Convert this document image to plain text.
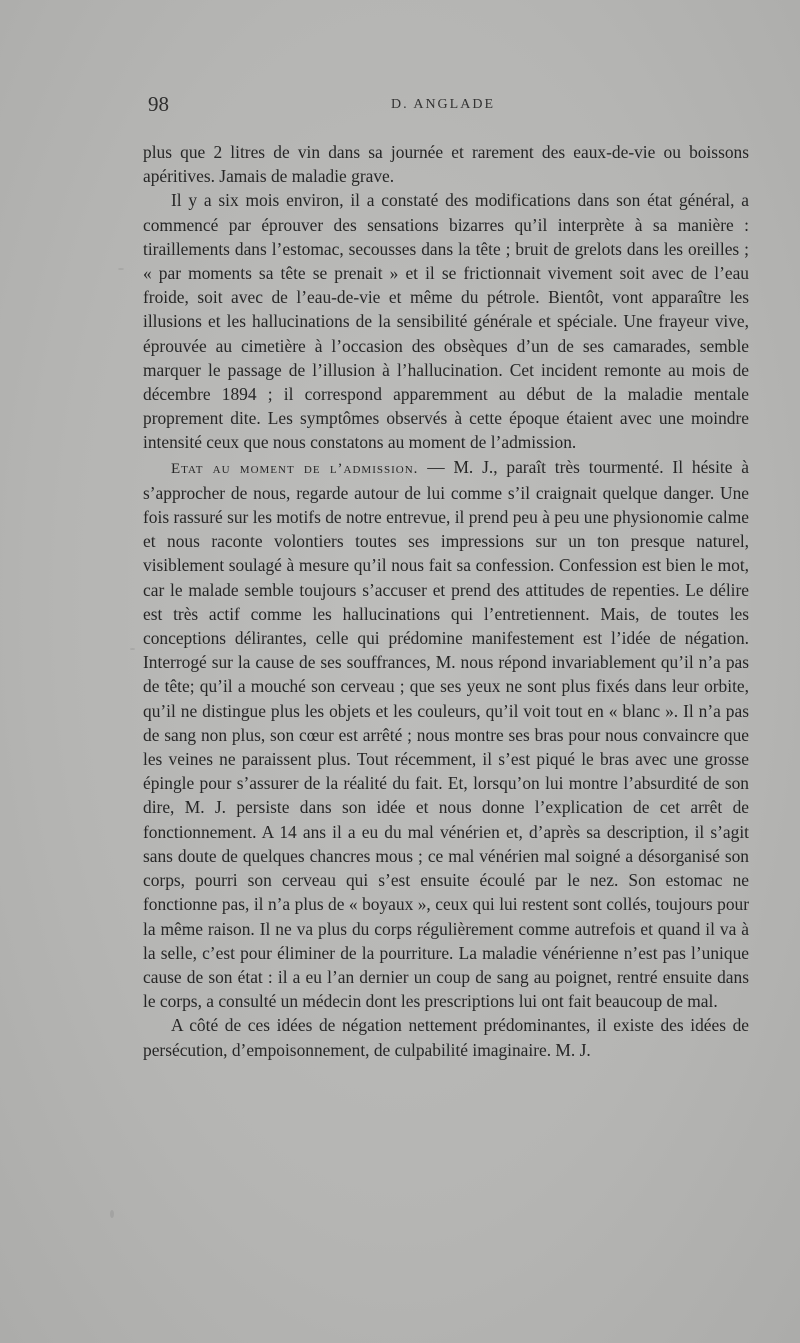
98	D. ANGLADE

plus que 2 litres de vin dans sa journée et rarement des eaux-de-vie ou boissons apéritives. Jamais de maladie grave.

Il y a six mois environ, il a constaté des modifications dans son état général, a commencé par éprouver des sensations bizarres qu’il interprète à sa manière : tiraillements dans l’estomac, secousses dans la tête ; bruit de grelots dans les oreilles ; « par moments sa tête se prenait » et il se frictionnait vivement soit avec de l’eau froide, soit avec de l’eau-de-vie et même du pétrole. Bientôt, vont apparaître les illusions et les hallucinations de la sensibilité générale et spéciale. Une frayeur vive, éprouvée au cimetière à l’occasion des obsèques d’un de ses camarades, semble marquer le passage de l’illusion à l’hallucination. Cet incident remonte au mois de décembre 1894 ; il correspond apparemment au début de la maladie mentale proprement dite. Les symptômes observés à cette époque étaient avec une moindre intensité ceux que nous constatons au moment de l’admission.

Etat au moment de l’admission. — M. J., paraît très tourmenté. Il hésite à s’approcher de nous, regarde autour de lui comme s’il craignait quelque danger. Une fois rassuré sur les motifs de notre entrevue, il prend peu à peu une physionomie calme et nous raconte volontiers toutes ses impressions sur un ton presque naturel, visiblement soulagé à mesure qu’il nous fait sa confession. Confession est bien le mot, car le malade semble toujours s’accuser et prend des attitudes de repenties. Le délire est très actif comme les hallucinations qui l’entretiennent. Mais, de toutes les conceptions délirantes, celle qui prédomine manifestement est l’idée de négation. Interrogé sur la cause de ses souffrances, M. nous répond invariablement qu’il n’a pas de tête; qu’il a mouché son cerveau ; que ses yeux ne sont plus fixés dans leur orbite, qu’il ne distingue plus les objets et les couleurs, qu’il voit tout en « blanc ». Il n’a pas de sang non plus, son cœur est arrêté ; nous montre ses bras pour nous convaincre que les veines ne paraissent plus. Tout récemment, il s’est piqué le bras avec une grosse épingle pour s’assurer de la réalité du fait. Et, lorsqu’on lui montre l’absurdité de son dire, M. J. persiste dans son idée et nous donne l’explication de cet arrêt de fonctionnement. A 14 ans il a eu du mal vénérien et, d’après sa description, il s’agit sans doute de quelques chancres mous ; ce mal vénérien mal soigné a désorganisé son corps, pourri son cerveau qui s’est ensuite écoulé par le nez. Son estomac ne fonctionne pas, il n’a plus de « boyaux », ceux qui lui restent sont collés, toujours pour la même raison. Il ne va plus du corps régulièrement comme autrefois et quand il va à la selle, c’est pour éliminer de la pourriture. La maladie vénérienne n’est pas l’unique cause de son état : il a eu l’an dernier un coup de sang au poignet, rentré ensuite dans le corps, a consulté un médecin dont les prescriptions lui ont fait beaucoup de mal.

A côté de ces idées de négation nettement prédominantes, il existe des idées de persécution, d’empoisonnement, de culpabilité imaginaire. M. J.
